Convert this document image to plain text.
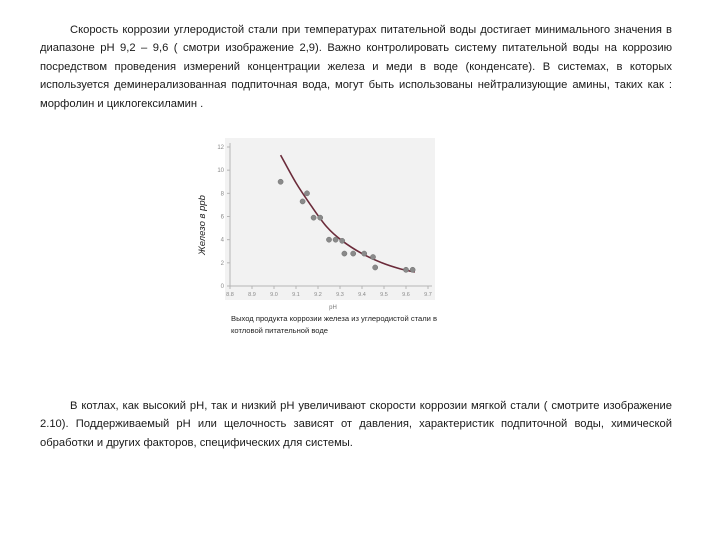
Скорость коррозии углеродистой стали при температурах питательной воды достигает минимального значения в диапазоне рН 9,2 – 9,6 ( смотри изображение 2,9). Важно контролировать систему питательной воды на коррозию посредством проведения измерений концентрации железа и меди в воде (конденсате). В системах, в которых используется деминерализованная подпиточная вода, могут быть использованы нейтрализующие амины, таких как : морфолин и циклогексиламин .
0
2
4
6
8
10
12
8.8	8.9	9.0	9.1	9.2	9.3	9.4	9.5	9.6	9.7
Железо в ppb
pH
Выход продукта коррозии железа из углеродистой стали в котловой питательной воде
В котлах, как высокий рН, так и низкий рН увеличивают скорости коррозии мягкой стали ( смотрите изображение 2.10). Поддерживаемый рН или щелочность зависят от давления, характеристик подпиточной воды, химической обработки и других факторов, специфических для системы.
